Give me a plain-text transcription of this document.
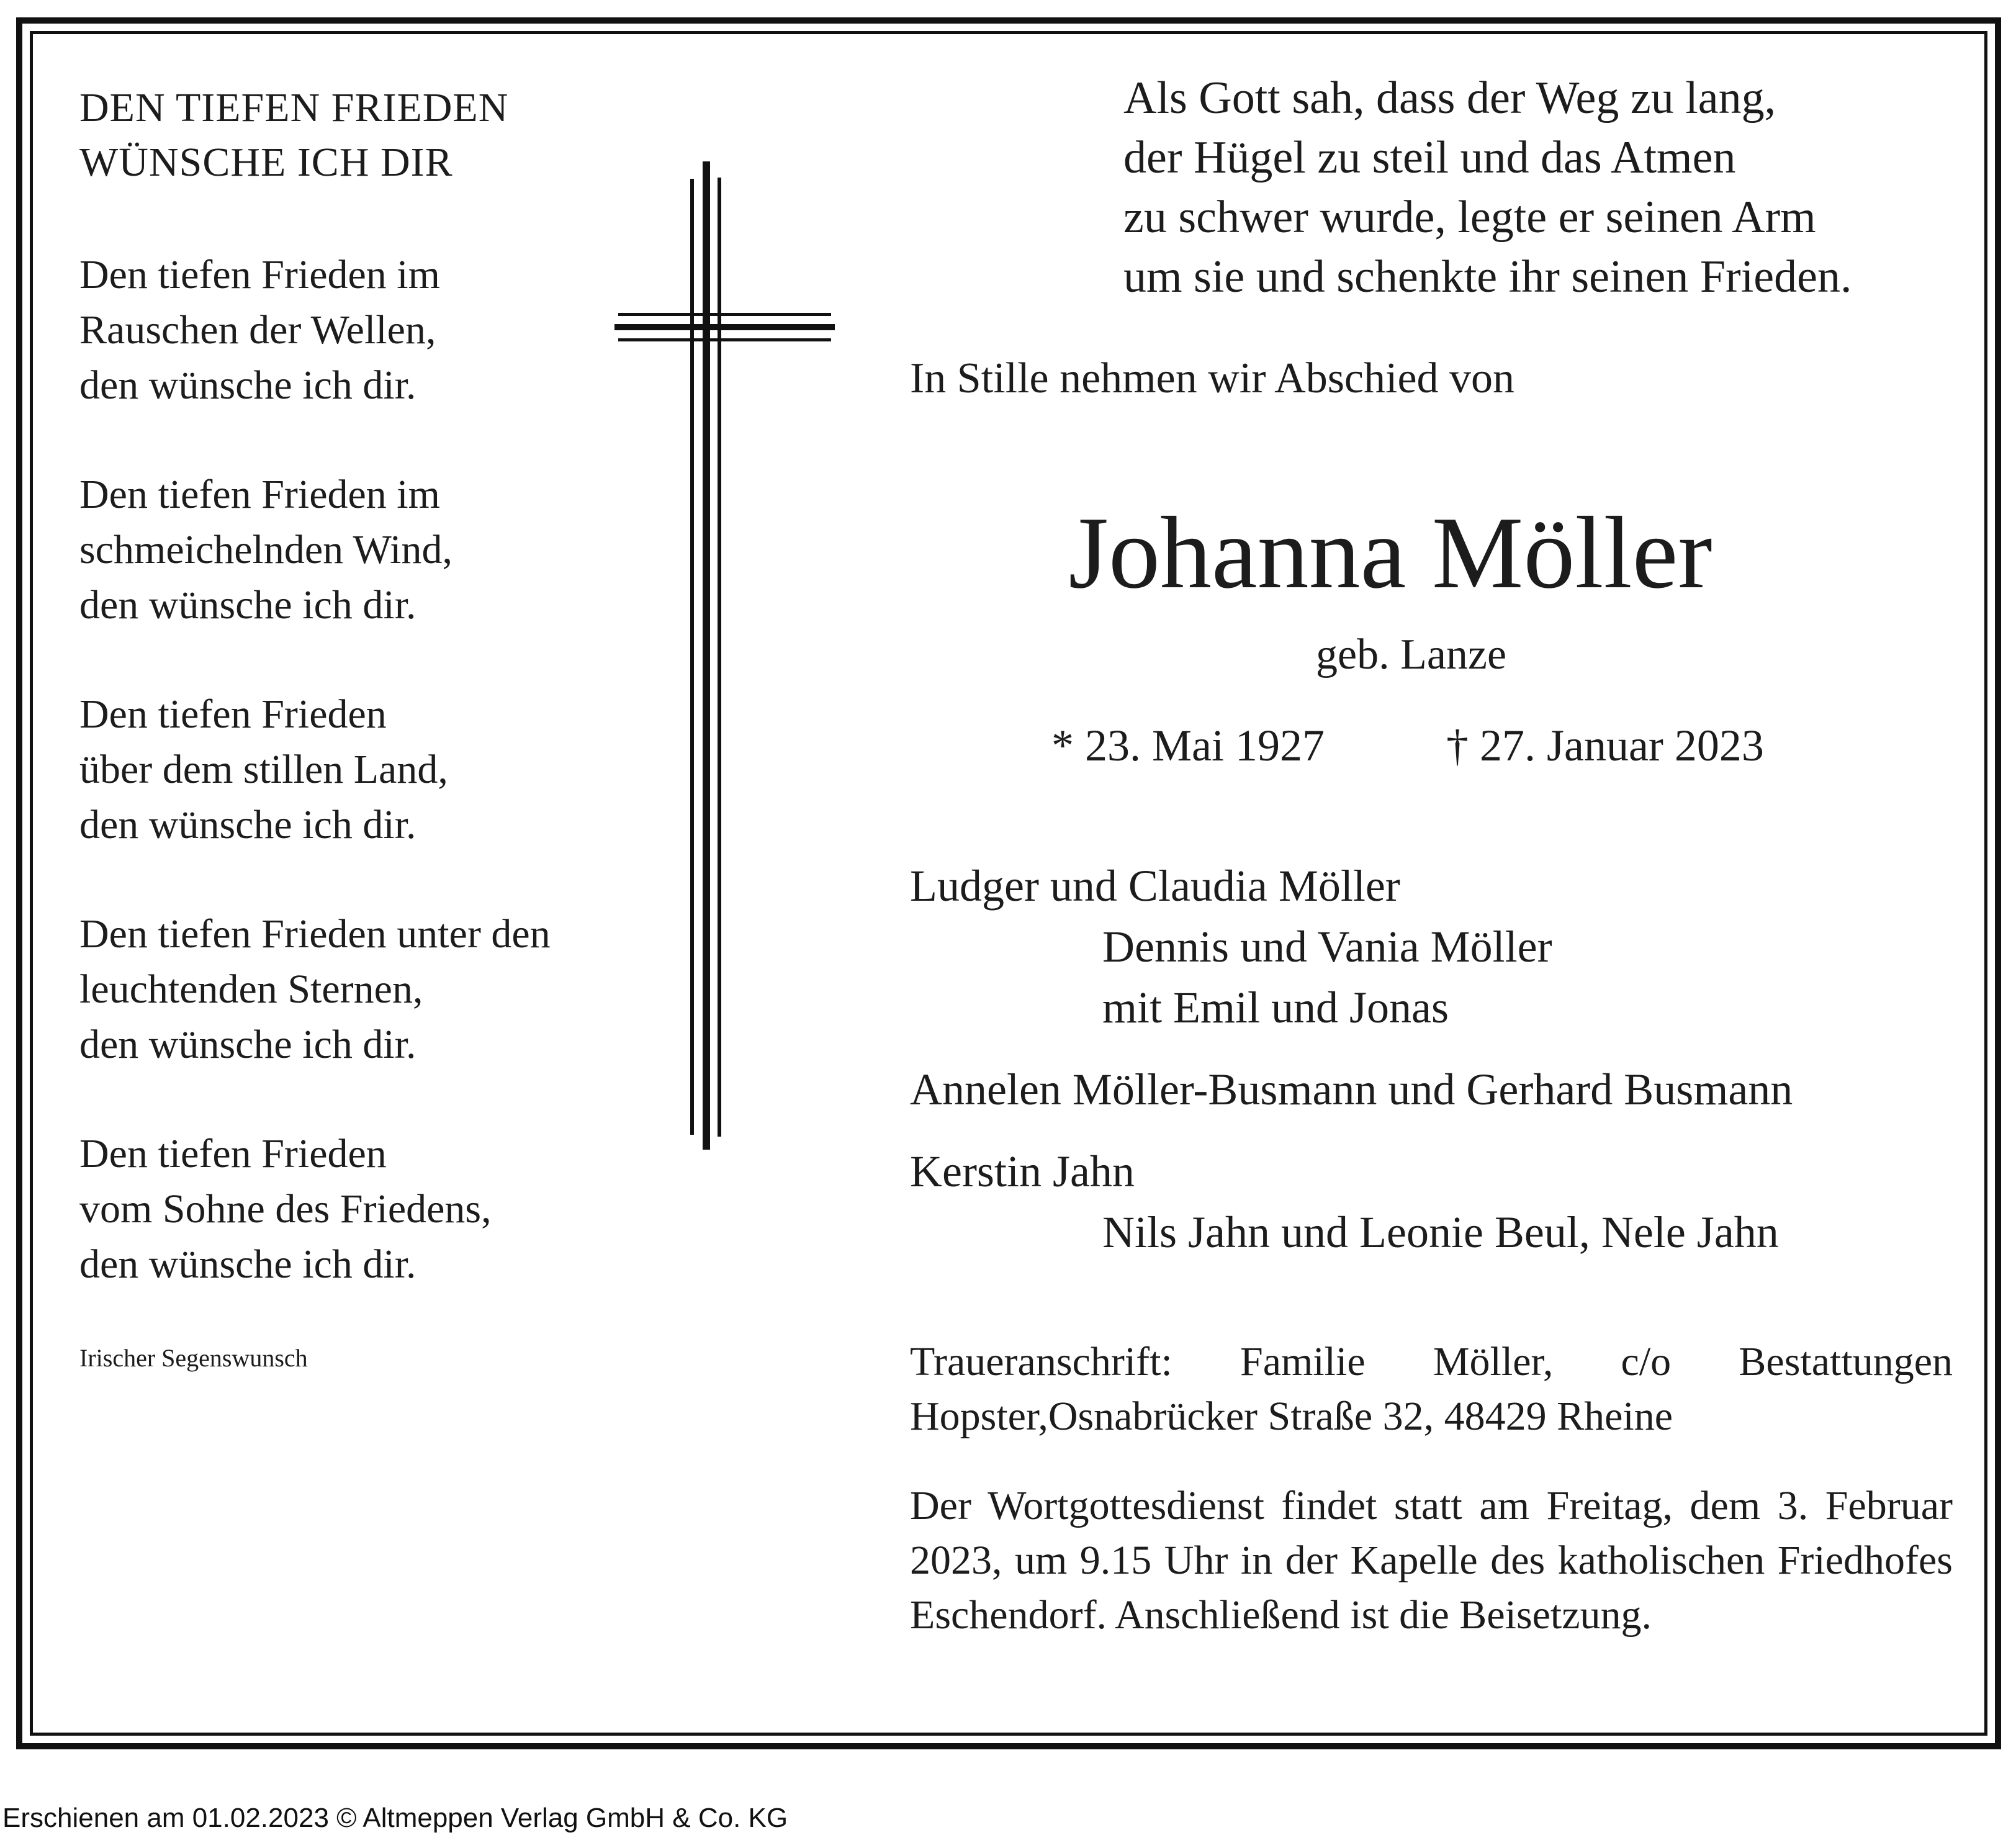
DEN TIEFEN FRIEDEN
WÜNSCHE ICH DIR
Den tiefen Frieden im
Rauschen der Wellen,
den wünsche ich dir.
Den tiefen Frieden im
schmeichelnden Wind,
den wünsche ich dir.
Den tiefen Frieden
über dem stillen Land,
den wünsche ich dir.
Den tiefen Frieden unter den
leuchtenden Sternen,
den wünsche ich dir.
Den tiefen Frieden
vom Sohne des Friedens,
den wünsche ich dir.
Irischer Segenswunsch
Als Gott sah, dass der Weg zu lang,
der Hügel zu steil und das Atmen
zu schwer wurde, legte er seinen Arm
um sie und schenkte ihr seinen Frieden.
In Stille nehmen wir Abschied von
Johanna Möller
geb. Lanze
* 23. Mai 1927	† 27. Januar 2023
Ludger und Claudia Möller
Dennis und Vania Möller
mit Emil und Jonas
Annelen Möller-Busmann und Gerhard Busmann
Kerstin Jahn
Nils Jahn und Leonie Beul, Nele Jahn
Traueranschrift: Familie Möller, c/o Bestattungen Hopster,Osnabrücker Straße 32, 48429 Rheine
Der Wortgottesdienst findet statt am Freitag, dem 3. Februar 2023, um 9.15 Uhr in der Kapelle des katholischen Friedhofes Eschendorf. Anschließend ist die Beisetzung.
Erschienen am 01.02.2023 © Altmeppen Verlag GmbH & Co. KG
